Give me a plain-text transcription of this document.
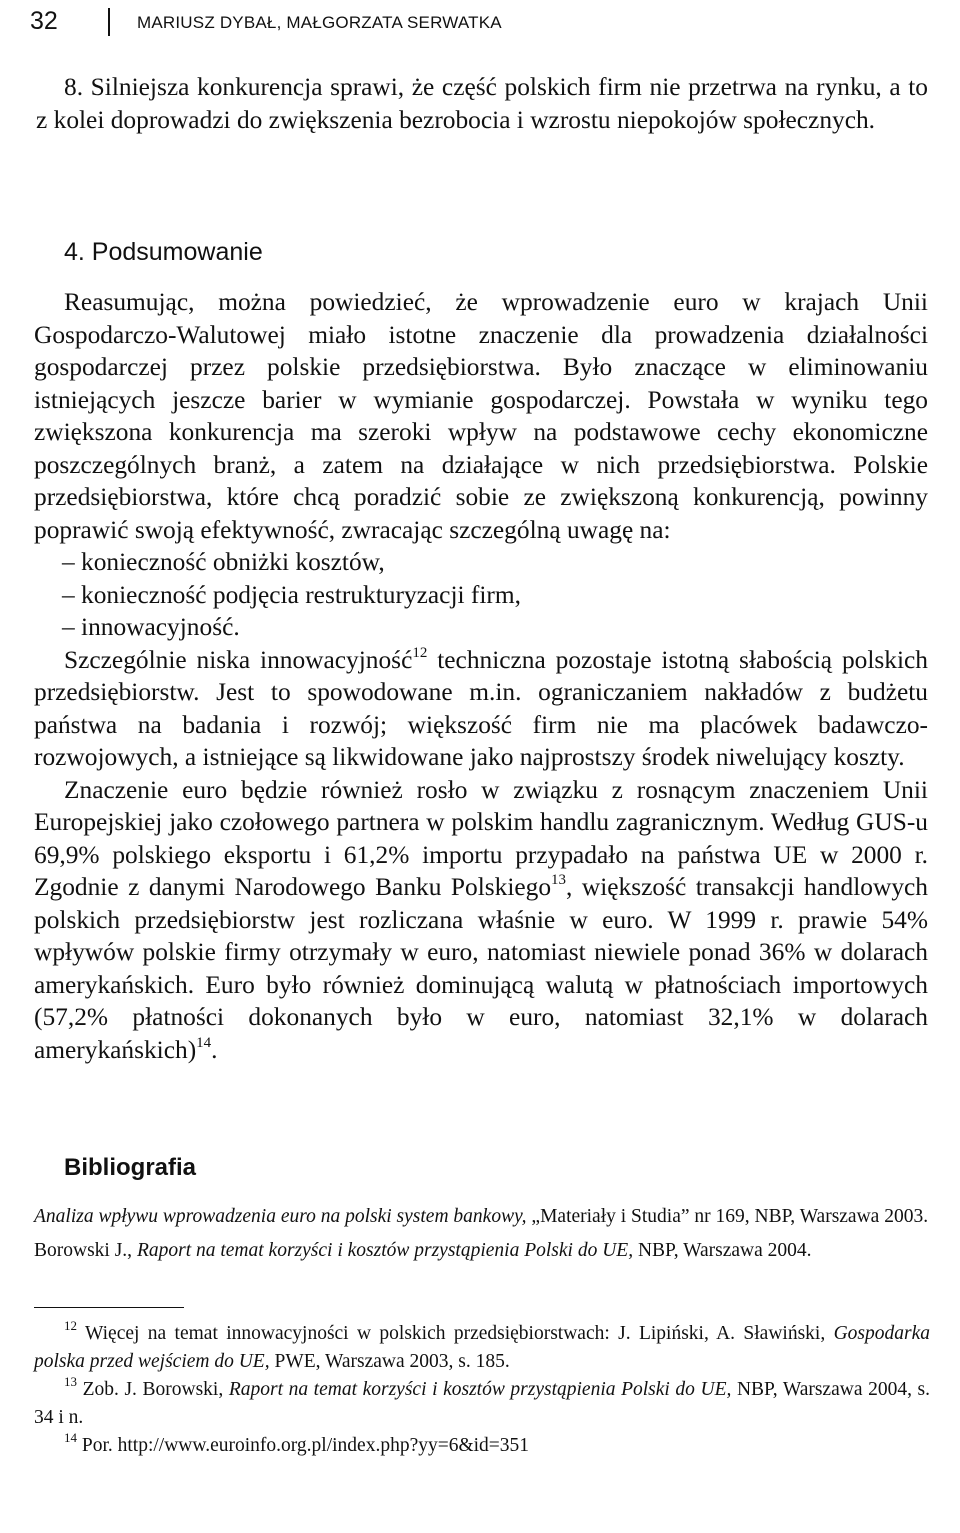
32	MARIUSZ DYBAŁ, MAŁGORZATA SERWATKA

8. Silniejsza konkurencja sprawi, że część polskich firm nie przetrwa na rynku, a to z kolei doprowadzi do zwiększenia bezrobocia i wzrostu niepokojów społecznych.

4. Podsumowanie

Reasumując, można powiedzieć, że wprowadzenie euro w krajach Unii Gospodarczo-Walutowej miało istotne znaczenie dla prowadzenia działalności gospodarczej przez polskie przedsiębiorstwa. Było znaczące w eliminowaniu istniejących jeszcze barier w wymianie gospodarczej. Powstała w wyniku tego zwiększona konkurencja ma szeroki wpływ na podstawowe cechy ekonomiczne poszczególnych branż, a zatem na działające w nich przedsiębiorstwa. Polskie przedsiębiorstwa, które chcą poradzić sobie ze zwiększoną konkurencją, powinny poprawić swoją efektywność, zwracając szczególną uwagę na:

– konieczność obniżki kosztów,

– konieczność podjęcia restrukturyzacji firm,

– innowacyjność.

Szczególnie niska innowacyjność$^{12}$ techniczna pozostaje istotną słabością polskich przedsiębiorstw. Jest to spowodowane m.in. ograniczaniem nakładów z budżetu państwa na badania i rozwój; większość firm nie ma placówek badawczo-rozwojowych, a istniejące są likwidowane jako najprostszy środek niwelujący koszty.

Znaczenie euro będzie również rosło w związku z rosnącym znaczeniem Unii Europejskiej jako czołowego partnera w polskim handlu zagranicznym. Według GUS-u 69,9% polskiego eksportu i 61,2% importu przypadało na państwa UE w 2000 r. Zgodnie z danymi Narodowego Banku Polskiego$^{13}$, większość transakcji handlowych polskich przedsiębiorstw jest rozliczana właśnie w euro. W 1999 r. prawie 54% wpływów polskie firmy otrzymały w euro, natomiast niewiele ponad 36% w dolarach amerykańskich. Euro było również dominującą walutą w płatnościach importowych (57,2% płatności dokonanych było w euro, natomiast 32,1% w dolarach amerykańskich)$^{14}$.

Bibliografia

Analiza wpływu wprowadzenia euro na polski system bankowy, „Materiały i Studia” nr 169, NBP, Warszawa 2003.

Borowski J., Raport na temat korzyści i kosztów przystąpienia Polski do UE, NBP, Warszawa 2004.

$^{12}$ Więcej na temat innowacyjności w polskich przedsiębiorstwach: J. Lipiński, A. Sławiński, Gospodarka polska przed wejściem do UE, PWE, Warszawa 2003, s. 185.

$^{13}$ Zob. J. Borowski, Raport na temat korzyści i kosztów przystąpienia Polski do UE, NBP, Warszawa 2004, s. 34 i n.

$^{14}$ Por. http://www.euroinfo.org.pl/index.php?yy=6&id=351
